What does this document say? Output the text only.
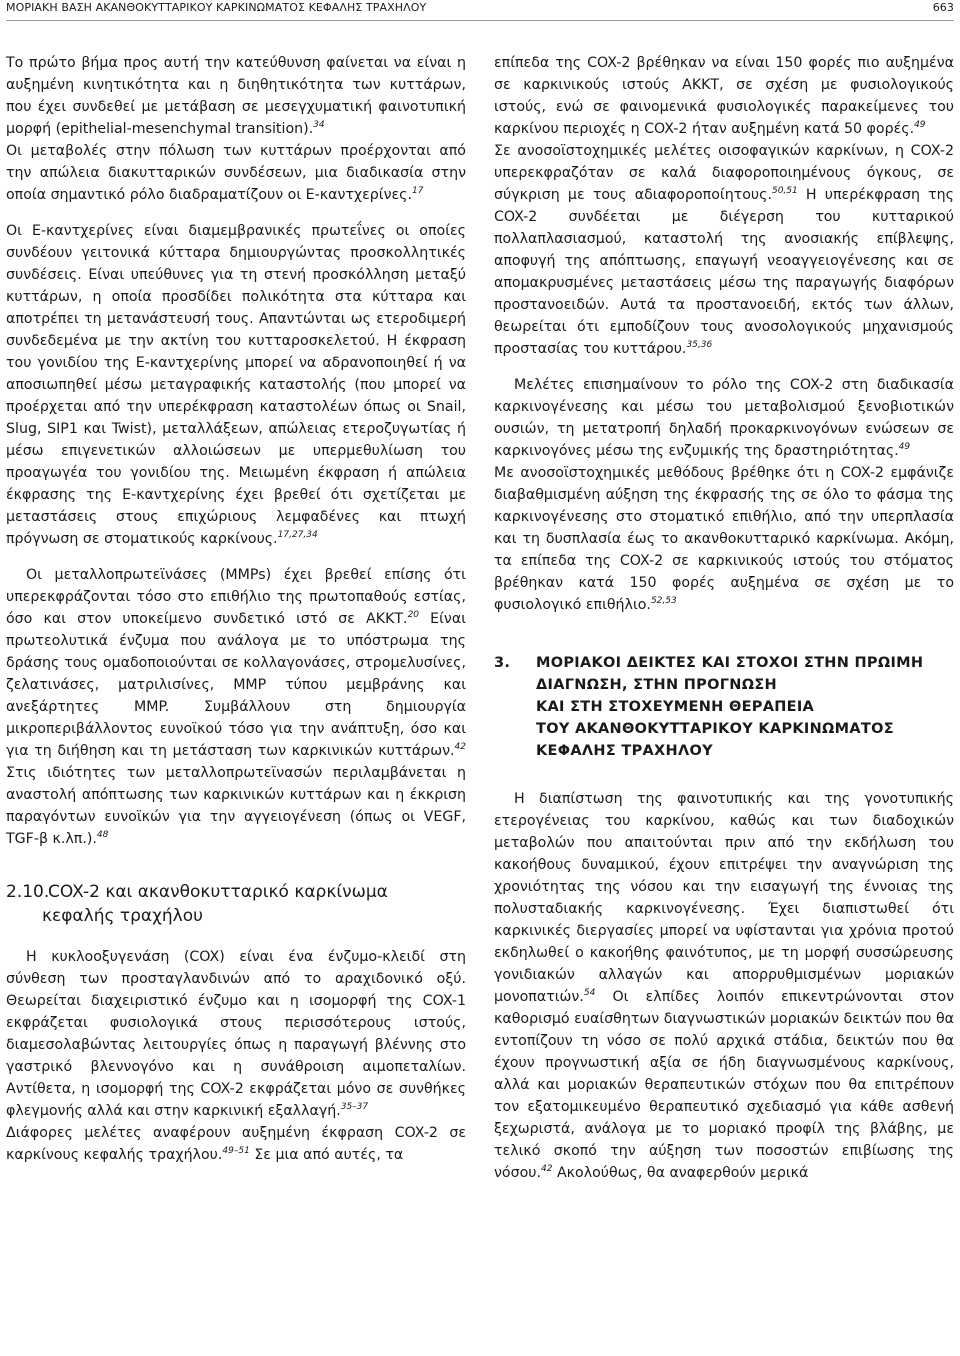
ΜΟΡΙΑΚΗ ΒΑΣΗ ΑΚΑΝΘΟΚΥΤΤΑΡΙΚΟΥ ΚΑΡΚΙΝΩΜΑΤΟΣ ΚΕΦΑΛΗΣ ΤΡΑΧΗΛΟΥ	663

Το πρώτο βήμα προς αυτή την κατεύθυνση φαίνεται να είναι η αυξημένη κινητικότητα και η διηθητικότητα των κυττάρων, που έχει συνδεθεί με μετάβαση σε μεσεγχυματική φαινοτυπική μορφή (epithelial-mesenchymal transition).$^{34}$

Οι μεταβολές στην πόλωση των κυττάρων προέρχονται από την απώλεια διακυτταρικών συνδέσεων, μια διαδικασία στην οποία σημαντικό ρόλο διαδραματίζουν οι Ε-καντχερίνες.$^{17}$

Οι Ε-καντχερίνες είναι διαμεμβρανικές πρωτεΐνες οι οποίες συνδέουν γειτονικά κύτταρα δημιουργώντας προσκολλητικές συνδέσεις. Είναι υπεύθυνες για τη στενή προσκόλληση μεταξύ κυττάρων, η οποία προσδίδει πολικότητα στα κύτταρα και αποτρέπει τη μετανάστευσή τους. Απαντώνται ως ετεροδιμερή συνδεδεμένα με την ακτίνη του κυτταροσκελετού. Η έκφραση του γονιδίου της Ε-καντχερίνης μπορεί να αδρανοποιηθεί ή να αποσιωπηθεί μέσω μεταγραφικής καταστολής (που μπορεί να προέρχεται από την υπερέκφραση καταστολέων όπως οι Snail, Slug, SIP1 και Twist), μεταλλάξεων, απώλειας ετεροζυγωτίας ή μέσω επιγενετικών αλλοιώσεων με υπερμεθυλίωση του προαγωγέα του γονιδίου της. Μειωμένη έκφραση ή απώλεια έκφρασης της Ε-καντχερίνης έχει βρεθεί ότι σχετίζεται με μεταστάσεις στους επιχώριους λεμφαδένες και πτωχή πρόγνωση σε στοματικούς καρκίνους.$^{17,27,34}$

Οι μεταλλοπρωτεϊνάσες (MMPs) έχει βρεθεί επίσης ότι υπερεκφράζονται τόσο στο επιθήλιο της πρωτοπαθούς εστίας, όσο και στον υποκείμενο συνδετικό ιστό σε ΑΚΚΤ.$^{20}$ Είναι πρωτεολυτικά ένζυμα που ανάλογα με το υπόστρωμα της δράσης τους ομαδοποιούνται σε κολλαγονάσες, στρομελυσίνες, ζελατινάσες, ματριλισίνες, MMP τύπου μεμβράνης και ανεξάρτητες MMP. Συμβάλλουν στη δημιουργία μικροπεριβάλλοντος ευνοϊκού τόσο για την ανάπτυξη, όσο και για τη διήθηση και τη μετάσταση των καρκινικών κυττάρων.$^{42}$ Στις ιδιότητες των μεταλλοπρωτεϊνασών περιλαμβάνεται η αναστολή απόπτωσης των καρκινικών κυττάρων και η έκκριση παραγόντων ευνοϊκών για την αγγειογένεση (όπως οι VEGF, TGF-β κ.λπ.).$^{48}$

2.10.COX-2 και ακανθοκυτταρικό καρκίνωμα
κεφαλής τραχήλου

Η κυκλοοξυγενάση (COX) είναι ένα ένζυμο-κλειδί στη σύνθεση των προσταγλανδινών από το αραχιδονικό οξύ. Θεωρείται διαχειριστικό ένζυμο και η ισομορφή της COX-1 εκφράζεται φυσιολογικά στους περισσότερους ιστούς, διαμεσολαβώντας λειτουργίες όπως η παραγωγή βλέννης στο γαστρικό βλεννογόνο και η συνάθροιση αιμοπεταλίων. Αντίθετα, η ισομορφή της COX-2 εκφράζεται μόνο σε συνθήκες φλεγμονής αλλά και στην καρκινική εξαλλαγή.$^{35-37}$

Διάφορες μελέτες αναφέρουν αυξημένη έκφραση COX-2 σε καρκίνους κεφαλής τραχήλου.$^{49-51}$ Σε μια από αυτές, τα

επίπεδα της COX-2 βρέθηκαν να είναι 150 φορές πιο αυξημένα σε καρκινικούς ιστούς ΑΚΚΤ, σε σχέση με φυσιολογικούς ιστούς, ενώ σε φαινομενικά φυσιολογικές παρακείμενες του καρκίνου περιοχές η COX-2 ήταν αυξημένη κατά 50 φορές.$^{49}$

Σε ανοσοϊστοχημικές μελέτες οισοφαγικών καρκίνων, η COX-2 υπερεκφραζόταν σε καλά διαφοροποιημένους όγκους, σε σύγκριση με τους αδιαφοροποίητους.$^{50,51}$ Η υπερέκφραση της COX-2 συνδέεται με διέγερση του κυτταρικού πολλαπλασιασμού, καταστολή της ανοσιακής επίβλεψης, αποφυγή της απόπτωσης, επαγωγή νεοαγγειογένεσης και σε απομακρυσμένες μεταστάσεις μέσω της παραγωγής διαφόρων προστανοειδών. Αυτά τα προστανοειδή, εκτός των άλλων, θεωρείται ότι εμποδίζουν τους ανοσολογικούς μηχανισμούς προστασίας του κυττάρου.$^{35,36}$

Μελέτες επισημαίνουν το ρόλο της COX-2 στη διαδικασία καρκινογένεσης και μέσω του μεταβολισμού ξενοβιοτικών ουσιών, τη μετατροπή δηλαδή προκαρκινογόνων ενώσεων σε καρκινογόνες μέσω της ενζυμικής της δραστηριότητας.$^{49}$

Με ανοσοϊστοχημικές μεθόδους βρέθηκε ότι η COX-2 εμφάνιζε διαβαθμισμένη αύξηση της έκφρασής της σε όλο το φάσμα της καρκινογένεσης στο στοματικό επιθήλιο, από την υπερπλασία και τη δυσπλασία έως το ακανθοκυτταρικό καρκίνωμα. Ακόμη, τα επίπεδα της COX-2 σε καρκινικούς ιστούς του στόματος βρέθηκαν κατά 150 φορές αυξημένα σε σχέση με το φυσιολογικό επιθήλιο.$^{52,53}$

3.	ΜΟΡΙΑΚΟΙ ΔΕΙΚΤΕΣ ΚΑΙ ΣΤΟΧΟΙ ΣΤΗΝ ΠΡΩΙΜΗ ΔΙΑΓΝΩΣΗ, ΣΤΗΝ ΠΡΟΓΝΩΣΗ
ΚΑΙ ΣΤΗ ΣΤΟΧΕΥΜΕΝΗ ΘΕΡΑΠΕΙΑ
ΤΟΥ ΑΚΑΝΘΟΚΥΤΤΑΡΙΚΟΥ ΚΑΡΚΙΝΩΜΑΤΟΣ
ΚΕΦΑΛΗΣ ΤΡΑΧΗΛΟΥ

Η διαπίστωση της φαινοτυπικής και της γονοτυπικής ετερογένειας του καρκίνου, καθώς και των διαδοχικών μεταβολών που απαιτούνται πριν από την εκδήλωση του κακοήθους δυναμικού, έχουν επιτρέψει την αναγνώριση της χρονιότητας της νόσου και την εισαγωγή της έννοιας της πολυσταδιακής καρκινογένεσης. Έχει διαπιστωθεί ότι καρκινικές διεργασίες μπορεί να υφίστανται για χρόνια προτού εκδηλωθεί ο κακοήθης φαινότυπος, με τη μορφή συσσώρευσης γονιδιακών αλλαγών και απορρυθμισμένων μοριακών μονοπατιών.$^{54}$ Οι ελπίδες λοιπόν επικεντρώνονται στον καθορισμό ευαίσθητων διαγνωστικών μοριακών δεικτών που θα εντοπίζουν τη νόσο σε πολύ αρχικά στάδια, δεικτών που θα έχουν προγνωστική αξία σε ήδη διαγνωσμένους καρκίνους, αλλά και μοριακών θεραπευτικών στόχων που θα επιτρέπουν τον εξατομικευμένο θεραπευτικό σχεδιασμό για κάθε ασθενή ξεχωριστά, ανάλογα με το μοριακό προφίλ της βλάβης, με τελικό σκοπό την αύξηση των ποσοστών επιβίωσης της νόσου.$^{42}$ Ακολούθως, θα αναφερθούν μερικά
